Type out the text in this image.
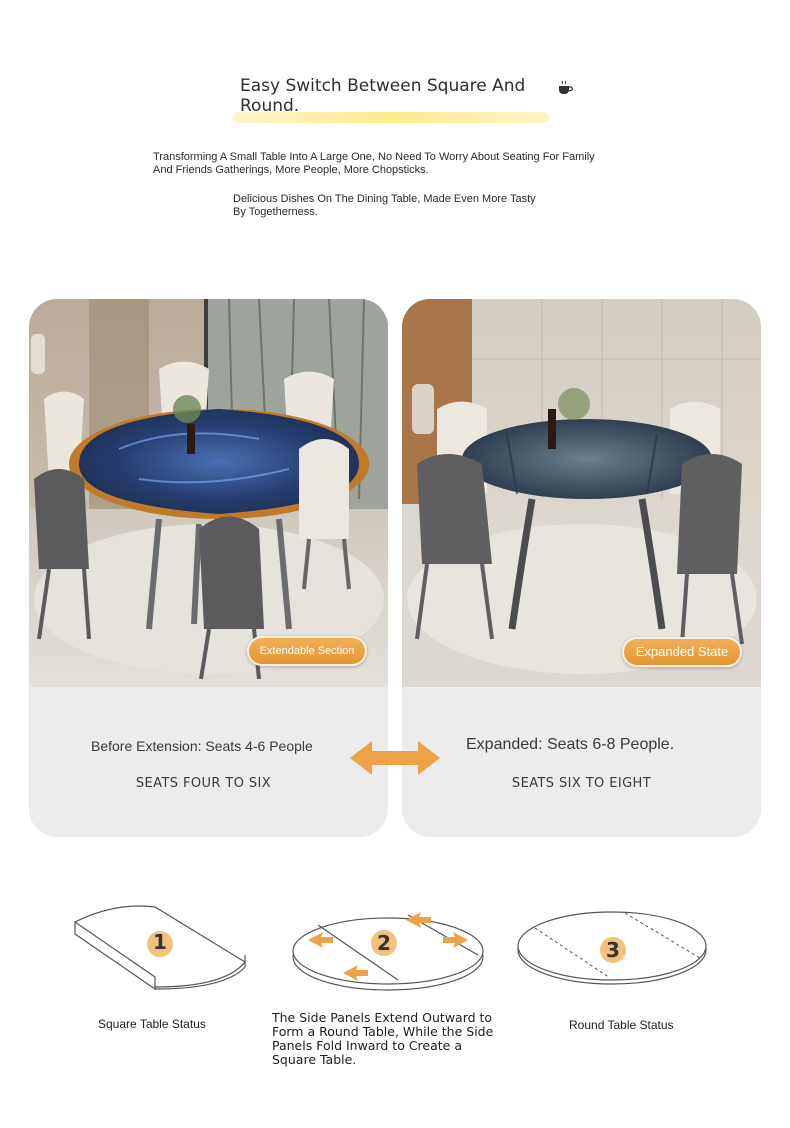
Easy Switch Between Square And Round.

Transforming A Small Table Into A Large One, No Need To Worry About Seating For Family And Friends Gatherings, More People, More Chopsticks.

Delicious Dishes On The Dining Table, Made Even More Tasty By Togetherness.

Extendable Section
Before Extension: Seats 4-6 People
SEATS FOUR TO SIX
Expanded State
Expanded: Seats 6-8 People.
SEATS SIX TO EIGHT
1	2	3
Square Table Status	The Side Panels Extend Outward to Form a Round Table, While the Side Panels Fold Inward to Create a Square Table.
Round Table Status
